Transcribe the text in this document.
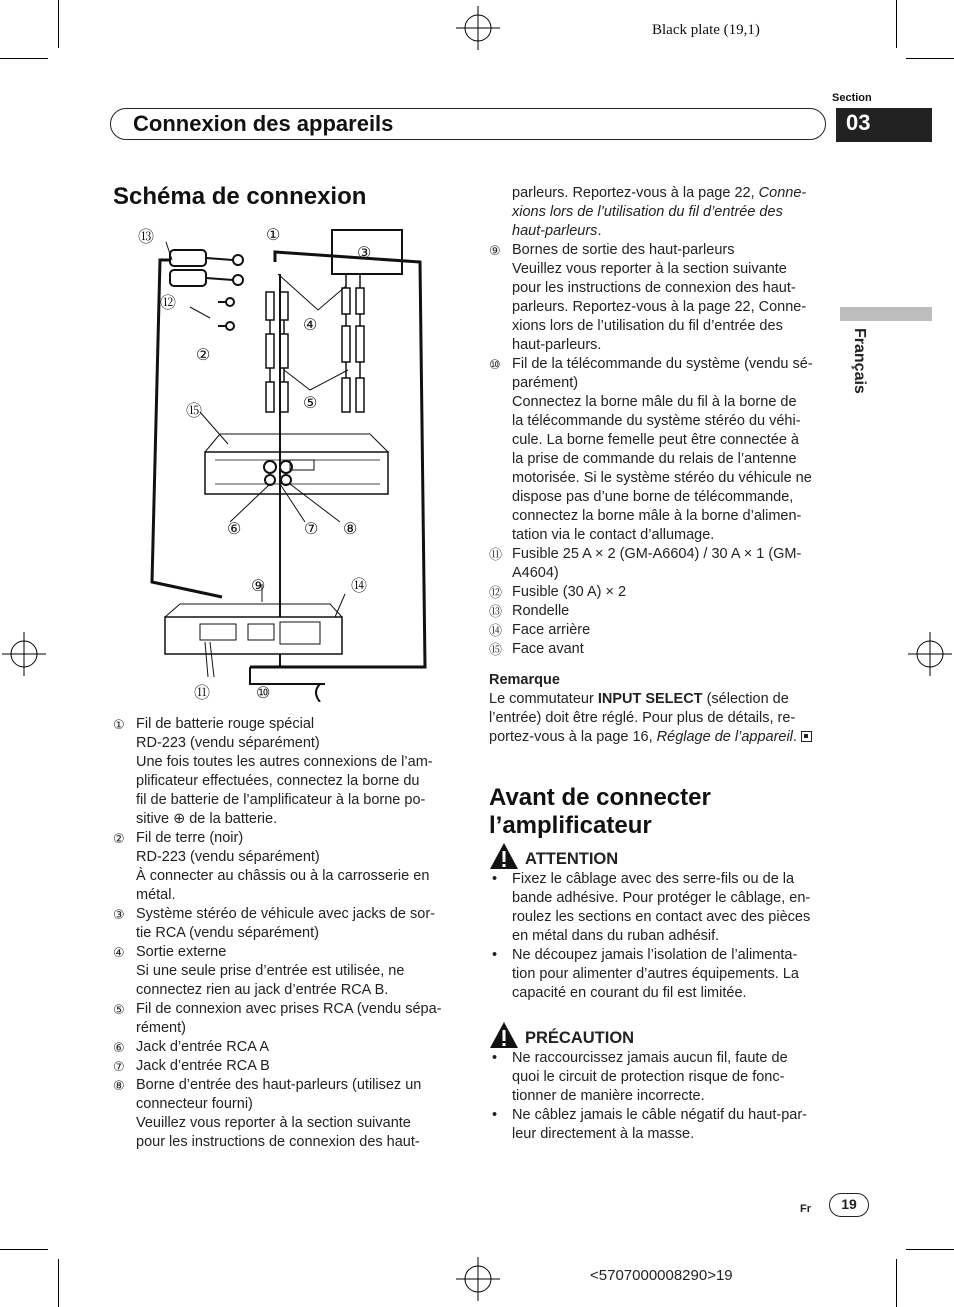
Black plate (19,1)
Section
Connexion des appareils	03
Français
Schéma de connexion
⑬	①
③
⑫
④
②
⑤
⑮
⑥	⑦ ⑧
⑨	⑭
⑪	⑩
① Fil de batterie rouge spécial
RD-223 (vendu séparément)
Une fois toutes les autres connexions de l’am-
plificateur effectuées, connectez la borne du
fil de batterie de l’amplificateur à la borne po-
sitive ⊕ de la batterie.
② Fil de terre (noir)
RD-223 (vendu séparément)
À connecter au châssis ou à la carrosserie en
métal.
③ Système stéréo de véhicule avec jacks de sor-
tie RCA (vendu séparément)
④ Sortie externe
Si une seule prise d’entrée est utilisée, ne
connectez rien au jack d’entrée RCA B.
⑤ Fil de connexion avec prises RCA (vendu sépa-
rément)
⑥ Jack d’entrée RCA A
⑦ Jack d’entrée RCA B
⑧ Borne d’entrée des haut-parleurs (utilisez un
connecteur fourni)
Veuillez vous reporter à la section suivante
pour les instructions de connexion des haut-
parleurs. Reportez-vous à la page 22, Conne-
xions lors de l’utilisation du fil d’entrée des
haut-parleurs.
⑨ Bornes de sortie des haut-parleurs
Veuillez vous reporter à la section suivante
pour les instructions de connexion des haut-
parleurs. Reportez-vous à la page 22, Conne-
xions lors de l’utilisation du fil d’entrée des
haut-parleurs.
⑩ Fil de la télécommande du système (vendu sé-
parément)
Connectez la borne mâle du fil à la borne de
la télécommande du système stéréo du véhi-
cule. La borne femelle peut être connectée à
la prise de commande du relais de l’antenne
motorisée. Si le système stéréo du véhicule ne
dispose pas d’une borne de télécommande,
connectez la borne mâle à la borne d’alimen-
tation via le contact d’allumage.
⑪ Fusible 25 A × 2 (GM-A6604) / 30 A × 1 (GM-
A4604)
⑫ Fusible (30 A) × 2
⑬ Rondelle
⑭ Face arrière
⑮ Face avant
Remarque
Le commutateur INPUT SELECT (sélection de
l’entrée) doit être réglé. Pour plus de détails, re-
portez-vous à la page 16, Réglage de l’appareil.
Avant de connecter
l’amplificateur
ATTENTION
• Fixez le câblage avec des serre-fils ou de la
bande adhésive. Pour protéger le câblage, en-
roulez les sections en contact avec des pièces
en métal dans du ruban adhésif.
• Ne découpez jamais l’isolation de l’alimenta-
tion pour alimenter d’autres équipements. La
capacité en courant du fil est limitée.
PRÉCAUTION
• Ne raccourcissez jamais aucun fil, faute de
quoi le circuit de protection risque de fonc-
tionner de manière incorrecte.
• Ne câblez jamais le câble négatif du haut-par-
leur directement à la masse.
Fr	19
<5707000008290>19
